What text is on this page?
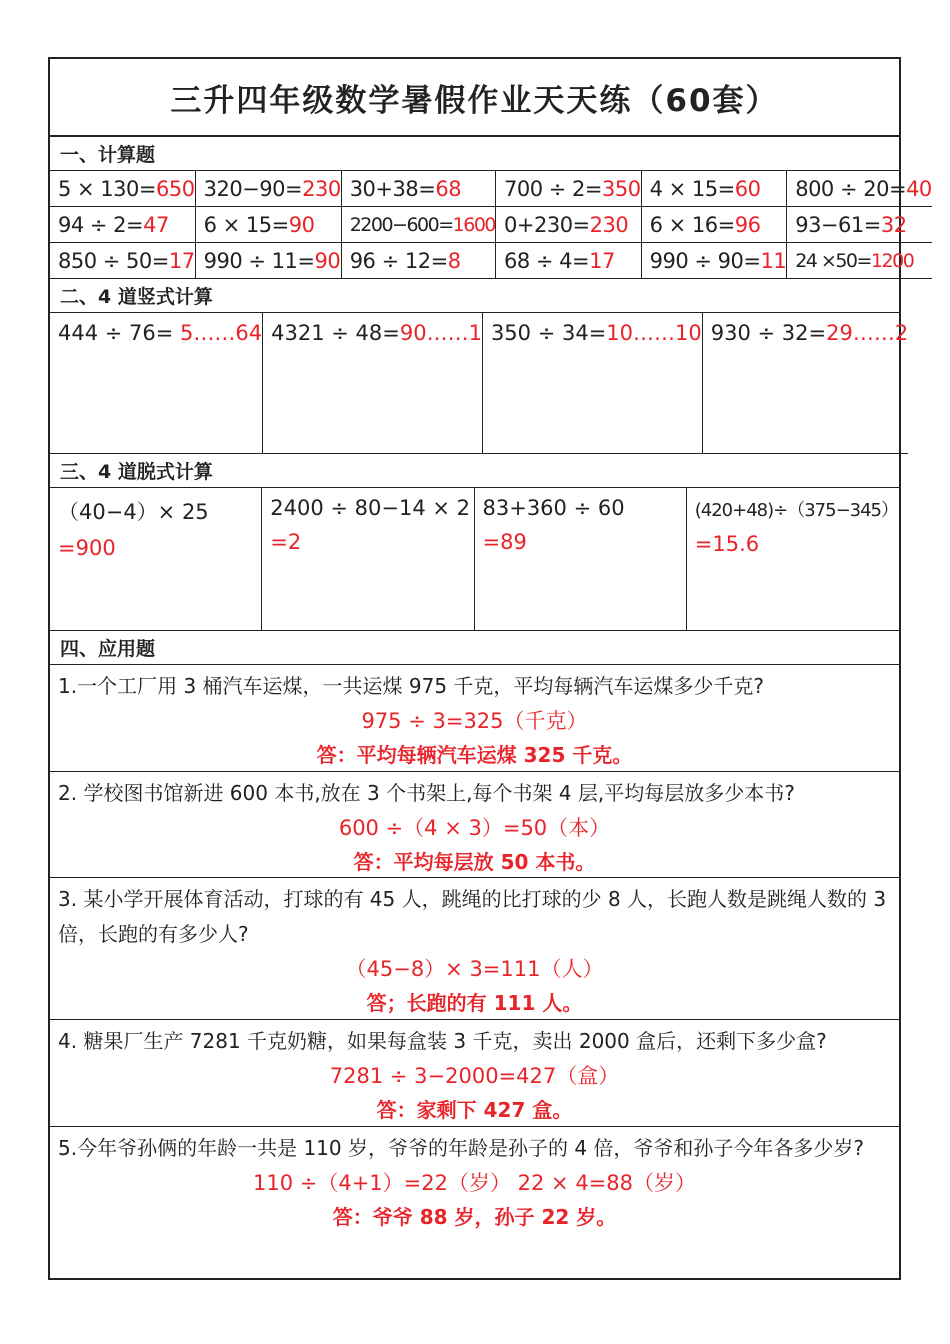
三升四年级数学暑假作业天天练（60套）
一、计算题
5 × 130= 650 320−90= 230 30+38= 68 700 ÷ 2= 350 4 × 15= 60 800 ÷ 20= 40
94 ÷ 2= 47 6 × 15= 90 2200−600= 1600 0+230= 230 6 × 16= 96 93−61= 32
850 ÷ 50= 17 990 ÷ 11= 90 96 ÷ 12= 8 68 ÷ 4= 17 990 ÷ 90= 11 24 ×50= 1200
二、4 道竖式计算
444 ÷ 76= 5……64 4321 ÷ 48=90……1 350 ÷ 34=10……10 930 ÷ 32=29……2
三、4 道脱式计算
（40−4）× 25
=900
2400 ÷ 80−14 × 2
=2
83+360 ÷ 60
=89
(420+48)÷（375−345）
=15.6
四、应用题
1.一个工厂用 3 桶汽车运煤，一共运煤 975 千克，平均每辆汽车运煤多少千克?
975 ÷ 3=325（千克）
答：平均每辆汽车运煤 325 千克。
2. 学校图书馆新进 600 本书,放在 3 个书架上,每个书架 4 层,平均每层放多少本书?
600 ÷（4 × 3）=50（本）
答：平均每层放 50 本书。
3. 某小学开展体育活动，打球的有 45 人，跳绳的比打球的少 8 人，长跑人数是跳绳人数的 3 倍，长跑的有多少人?
（45−8）× 3=111（人）
答；长跑的有 111 人。
4. 糖果厂生产 7281 千克奶糖，如果每盒装 3 千克，卖出 2000 盒后，还剩下多少盒?
7281 ÷ 3−2000=427（盒）
答：家剩下 427 盒。
5.今年爷孙俩的年龄一共是 110 岁，爷爷的年龄是孙子的 4 倍，爷爷和孙子今年各多少岁?
110 ÷（4+1）=22（岁） 22 × 4=88（岁）
答：爷爷 88 岁，孙子 22 岁。
